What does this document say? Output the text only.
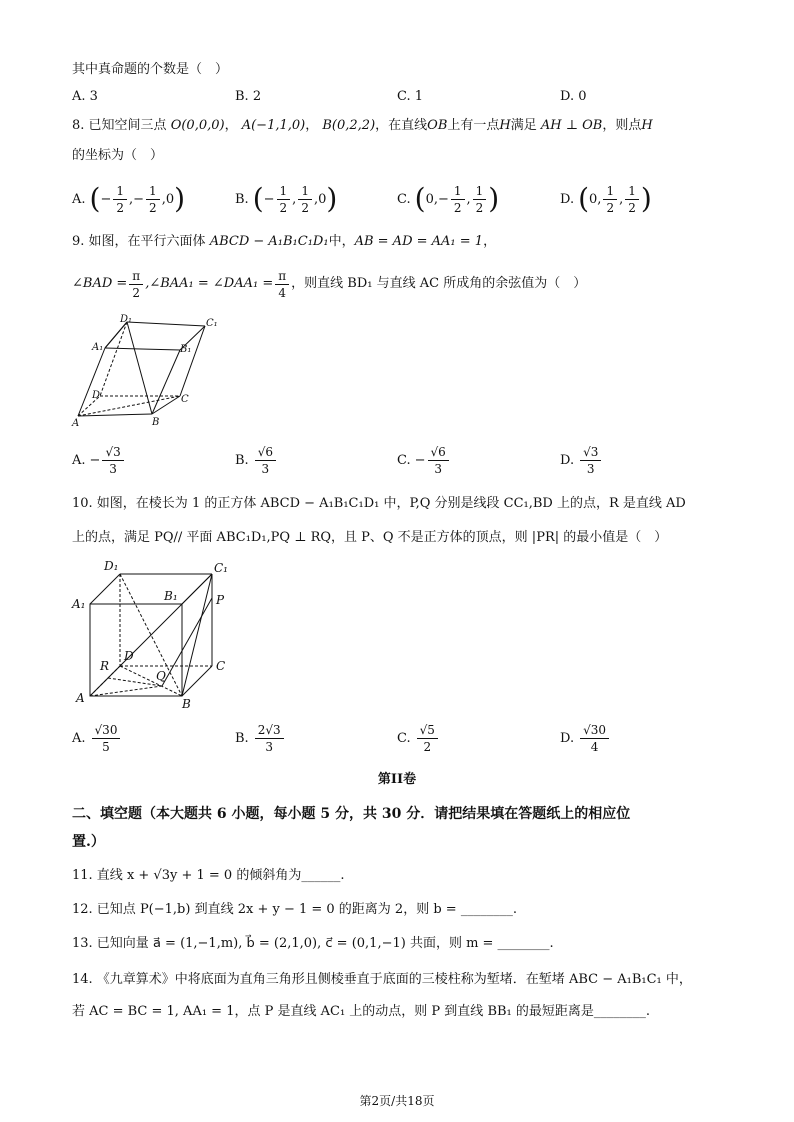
其中真命题的个数是（　）
A. 3	B. 2	C. 1	D. 0
8. 已知空间三点 O(0,0,0)， A(−1,1,0)， B(0,2,2)，在直线OB上有一点H满足 AH ⊥ OB，则点H
的坐标为（　）
A. ( − $\frac{1}{2}$ ,− $\frac{1}{2} ,0$ )	B. ( − $\frac{1}{2}$ , $\frac{1}{2} ,0$ )	C. ( $0,- \frac{1}{2}$ , $\frac{1}{2}$ )	D. ( 0, $\frac{1}{2}$ , $\frac{1}{2}$ )
9. 如图，在平行六面体 ABCD − A₁B₁C₁D₁中，AB = AD = AA₁ = 1，
∠BAD = $\frac{\pi}{2}$ ,∠BAA₁ = ∠DAA₁ = $\frac{\pi}{4}$ ，则直线 BD₁ 与直线 AC 所成角的余弦值为（　）
D₁	C₁
A₁	B₁
D	C
A	B
A. − $\frac{√3}{3}$	B. $\frac{√6}{3}$	C. − $\frac{√6}{3}$	D. $\frac{√3}{3}$
10. 如图，在棱长为 1 的正方体 ABCD − A₁B₁C₁D₁ 中，P,Q 分别是线段 CC₁,BD 上的点，R 是直线 AD
上的点，满足 PQ// 平面 ABC₁D₁,PQ ⊥ RQ，且 P、Q 不是正方体的顶点，则 |PR| 的最小值是（　）
D₁	C₁
A₁
B₁	P
D
C
R
Q
A	B
A. $\frac{√30}{5}$	B. $\frac{2√3}{3}$	C. $\frac{√5}{2}$	D. $\frac{√30}{4}$
第II卷
二、填空题（本大题共 6 小题，每小题 5 分，共 30 分．请把结果填在答题纸上的相应位
置.）
11. 直线 x + √3y + 1 = 0 的倾斜角为______.
12. 已知点 P(−1,b) 到直线 2x + y − 1 = 0 的距离为 2，则 b = ________.
13. 已知向量 a⃗ = (1,−1,m), b⃗ = (2,1,0), c⃗ = (0,1,−1) 共面，则 m = ________.
14. 《九章算术》中将底面为直角三角形且侧棱垂直于底面的三棱柱称为堑堵．在堑堵 ABC − A₁B₁C₁ 中，
若 AC = BC = 1, AA₁ = 1，点 P 是直线 AC₁ 上的动点，则 P 到直线 BB₁ 的最短距离是________.
第2页/共18页
